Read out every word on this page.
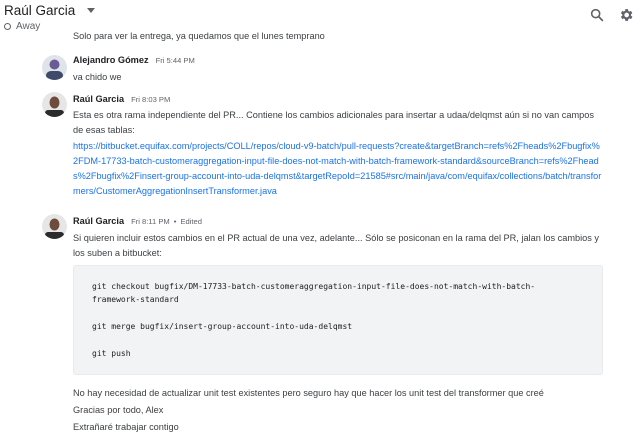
Raúl Garcia
Away
Solo para ver la entrega, ya quedamos que el lunes temprano
Alejandro Gómez Fri 5:44 PM
va chido we
Raúl Garcia Fri 8:03 PM
Esta es otra rama independiente del PR... Contiene los cambios adicionales para insertar a udaa/delqmst aún si no van campos de esas tablas:
https://bitbucket.equifax.com/projects/COLL/repos/cloud-v9-batch/pull-requests?create&targetBranch=refs%2Fheads%2Fbugfix%2FDM-17733-batch-customeraggregation-input-file-does-not-match-with-batch-framework-standard&sourceBranch=refs%2Fheads%2Fbugfix%2Finsert-group-account-into-uda-delqmst&targetRepoId=21585#src/main/java/com/equifax/collections/batch/transformers/CustomerAggregationInsertTransformer.java
Raúl Garcia Fri 8:11 PM • Edited
Si quieren incluir estos cambios en el PR actual de una vez, adelante... Sólo se posiconan en la rama del PR, jalan los cambios y los suben a bitbucket:
git checkout bugfix/DM-17733-batch-customeraggregation-input-file-does-not-match-with-batch-
framework-standard
git merge bugfix/insert-group-account-into-uda-delqmst
git push
No hay necesidad de actualizar unit test existentes pero seguro hay que hacer los unit test del transformer que creé
Gracias por todo, Alex
Extrañaré trabajar contigo
